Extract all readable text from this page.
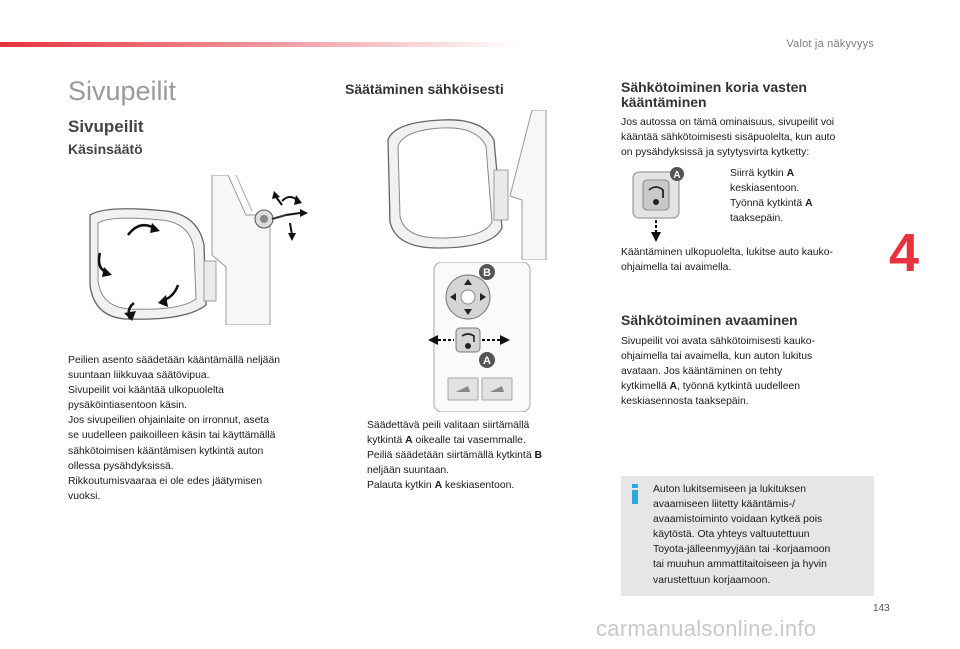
Valot ja näkyvyys
4
Sivupeilit
Sivupeilit
Käsinsäätö
Peilien asento säädetään kääntämällä neljään
suuntaan liikkuvaa säätövipua.
Sivupeilit voi kääntää ulkopuolelta
pysäköintiasentoon käsin.
Jos sivupeilien ohjainlaite on irronnut, aseta
se uudelleen paikoilleen käsin tai käyttämällä
sähkötoimisen kääntämisen kytkintä auton
ollessa pysähdyksissä.
Rikkoutumisvaaraa ei ole edes jäätymisen
vuoksi.
Säätäminen sähköisesti
B
A
Säädettävä peili valitaan siirtämällä
kytkintä A oikealle tai vasemmalle.
Peiliä säädetään siirtämällä kytkintä B
neljään suuntaan.
Palauta kytkin A keskiasentoon.
Sähkötoiminen koria vasten
kääntäminen
Jos autossa on tämä ominaisuus, sivupeilit voi
kääntää sähkötoimisesti sisäpuolelta, kun auto
on pysähdyksissä ja sytytysvirta kytketty:
A	Siirrä kytkin A
keskiasentoon.
Työnnä kytkintä A
taaksepäin.
Kääntäminen ulkopuolelta, lukitse auto kauko-
ohjaimella tai avaimella.
Sähkötoiminen avaaminen
Sivupeilit voi avata sähkötoimisesti kauko-
ohjaimella tai avaimella, kun auton lukitus
avataan. Jos kääntäminen on tehty
kytkimellä A, työnnä kytkintä uudelleen
keskiasennosta taaksepäin.
Auton lukitsemiseen ja lukituksen
avaamiseen liitetty kääntämis-/
avaamistoiminto voidaan kytkeä pois
käytöstä. Ota yhteys valtuutettuun
Toyota-jälleenmyyjään tai -korjaamoon
tai muuhun ammattitaitoiseen ja hyvin
varustettuun korjaamoon.
143
carmanualsonline.info
